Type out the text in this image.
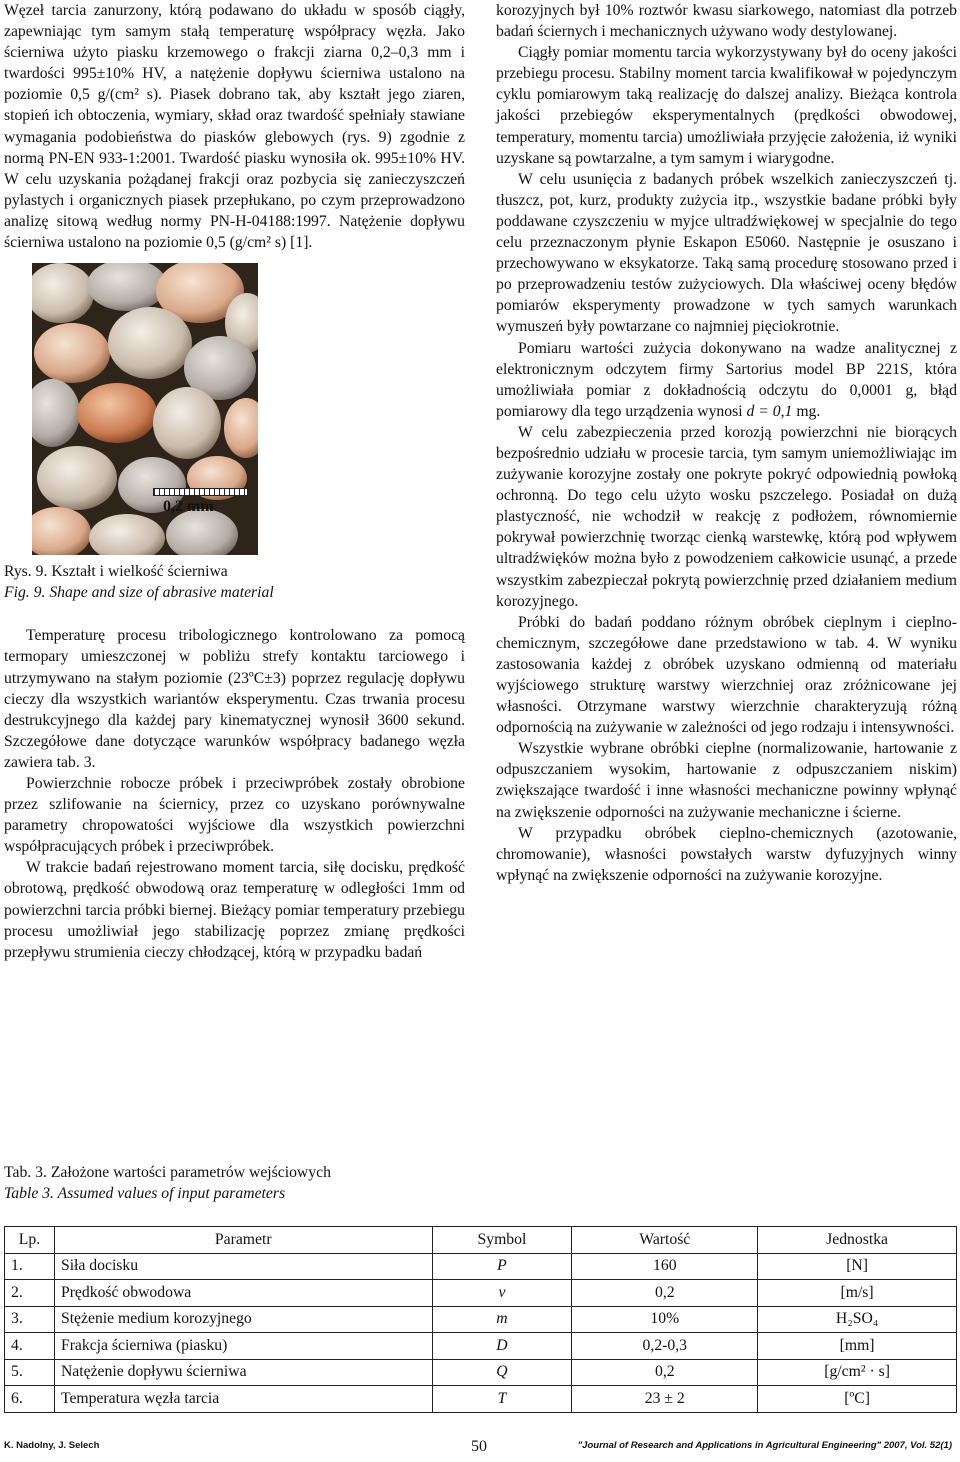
Węzeł tarcia zanurzony, którą podawano do układu w sposób ciągły, zapewniając tym samym stałą temperaturę współpracy węzła. Jako ścierniwa użyto piasku krzemowego o frakcji ziarna 0,2–0,3 mm i twardości 995±10% HV, a natężenie dopływu ścierniwa ustalono na poziomie 0,5 g/(cm² s). Piasek dobrano tak, aby kształt jego ziaren, stopień ich obtoczenia, wymiary, skład oraz twardość spełniały stawiane wymagania podobieństwa do piasków glebowych (rys. 9) zgodnie z normą PN-EN 933-1:2001. Twardość piasku wynosiła ok. 995±10% HV. W celu uzyskania pożądanej frakcji oraz pozbycia się zanieczyszczeń pylastych i organicznych piasek przepłukano, po czym przeprowadzono analizę sitową według normy PN-H-04188:1997. Natężenie dopływu ścierniwa ustalono na poziomie 0,5 (g/cm² s) [1].

0,2 mm

Rys. 9. Kształt i wielkość ścierniwa

Fig. 9. Shape and size of abrasive material

Temperaturę procesu tribologicznego kontrolowano za pomocą termopary umieszczonej w pobliżu strefy kontaktu tarciowego i utrzymywano na stałym poziomie (23ºC±3) poprzez regulację dopływu cieczy dla wszystkich wariantów eksperymentu. Czas trwania procesu destrukcyjnego dla każdej pary kinematycznej wynosił 3600 sekund. Szczegółowe dane dotyczące warunków współpracy badanego węzła zawiera tab. 3.

Powierzchnie robocze próbek i przeciwpróbek zostały obrobione przez szlifowanie na ściernicy, przez co uzyskano porównywalne parametry chropowatości wyjściowe dla wszystkich powierzchni współpracujących próbek i przeciwpróbek.

W trakcie badań rejestrowano moment tarcia, siłę docisku, prędkość obrotową, prędkość obwodową oraz temperaturę w odległości 1mm od powierzchni tarcia próbki biernej. Bieżący pomiar temperatury przebiegu procesu umożliwiał jego stabilizację poprzez zmianę prędkości przepływu strumienia cieczy chłodzącej, którą w przypadku badań

korozyjnych był 10% roztwór kwasu siarkowego, natomiast dla potrzeb badań ściernych i mechanicznych używano wody destylowanej.

Ciągły pomiar momentu tarcia wykorzystywany był do oceny jakości przebiegu procesu. Stabilny moment tarcia kwalifikował w pojedynczym cyklu pomiarowym taką realizację do dalszej analizy. Bieżąca kontrola jakości przebiegów eksperymentalnych (prędkości obwodowej, temperatury, momentu tarcia) umożliwiała przyjęcie założenia, iż wyniki uzyskane są powtarzalne, a tym samym i wiarygodne.

W celu usunięcia z badanych próbek wszelkich zanieczyszczeń tj. tłuszcz, pot, kurz, produkty zużycia itp., wszystkie badane próbki były poddawane czyszczeniu w myjce ultradźwiękowej w specjalnie do tego celu przeznaczonym płynie Eskapon E5060. Następnie je osuszano i przechowywano w eksykatorze. Taką samą procedurę stosowano przed i po przeprowadzeniu testów zużyciowych. Dla właściwej oceny błędów pomiarów eksperymenty prowadzone w tych samych warunkach wymuszeń były powtarzane co najmniej pięciokrotnie.

Pomiaru wartości zużycia dokonywano na wadze analitycznej z elektronicznym odczytem firmy Sartorius model BP 221S, która umożliwiała pomiar z dokładnością odczytu do 0,0001 g, błąd pomiarowy dla tego urządzenia wynosi d = 0,1 mg.

W celu zabezpieczenia przed korozją powierzchni nie biorących bezpośrednio udziału w procesie tarcia, tym samym uniemożliwiając im zużywanie korozyjne zostały one pokryte pokryć odpowiednią powłoką ochronną. Do tego celu użyto wosku pszczelego. Posiadał on dużą plastyczność, nie wchodził w reakcję z podłożem, równomiernie pokrywał powierzchnię tworząc cienką warstewkę, którą pod wpływem ultradźwięków można było z powodzeniem całkowicie usunąć, a przede wszystkim zabezpieczał pokrytą powierzchnię przed działaniem medium korozyjnego.

Próbki do badań poddano różnym obróbek cieplnym i cieplno-chemicznym, szczegółowe dane przedstawiono w tab. 4. W wyniku zastosowania każdej z obróbek uzyskano odmienną od materiału wyjściowego strukturę warstwy wierzchniej oraz zróżnicowane jej własności. Otrzymane warstwy wierzchnie charakteryzują różną odpornością na zużywanie w zależności od jego rodzaju i intensywności.

Wszystkie wybrane obróbki cieplne (normalizowanie, hartowanie z odpuszczaniem wysokim, hartowanie z odpuszczaniem niskim) zwiększające twardość i inne własności mechaniczne powinny wpłynąć na zwiększenie odporności na zużywanie mechaniczne i ścierne.

W przypadku obróbek cieplno-chemicznych (azotowanie, chromowanie), własności powstałych warstw dyfuzyjnych winny wpłynąć na zwiększenie odporności na zużywanie korozyjne.

Tab. 3. Założone wartości parametrów wejściowych
Table 3. Assumed values of input parameters
Lp.	Parametr	Symbol	Wartość	Jednostka
1.	Siła docisku	P	160	[N]
2.	Prędkość obwodowa	v	0,2	[m/s]
3.	Stężenie medium korozyjnego	m	10%	H₂SO₄
4.	Frakcja ścierniwa (piasku)	D	0,2-0,3	[mm]
5.	Natężenie dopływu ścierniwa	Q	0,2	[g/cm² · s]
6.	Temperatura węzła tarcia	T	23 ± 2	[ºC]
K. Nadolny, J. Selech	50	"Journal of Research and Applications in Agricultural Engineering" 2007, Vol. 52(1)
